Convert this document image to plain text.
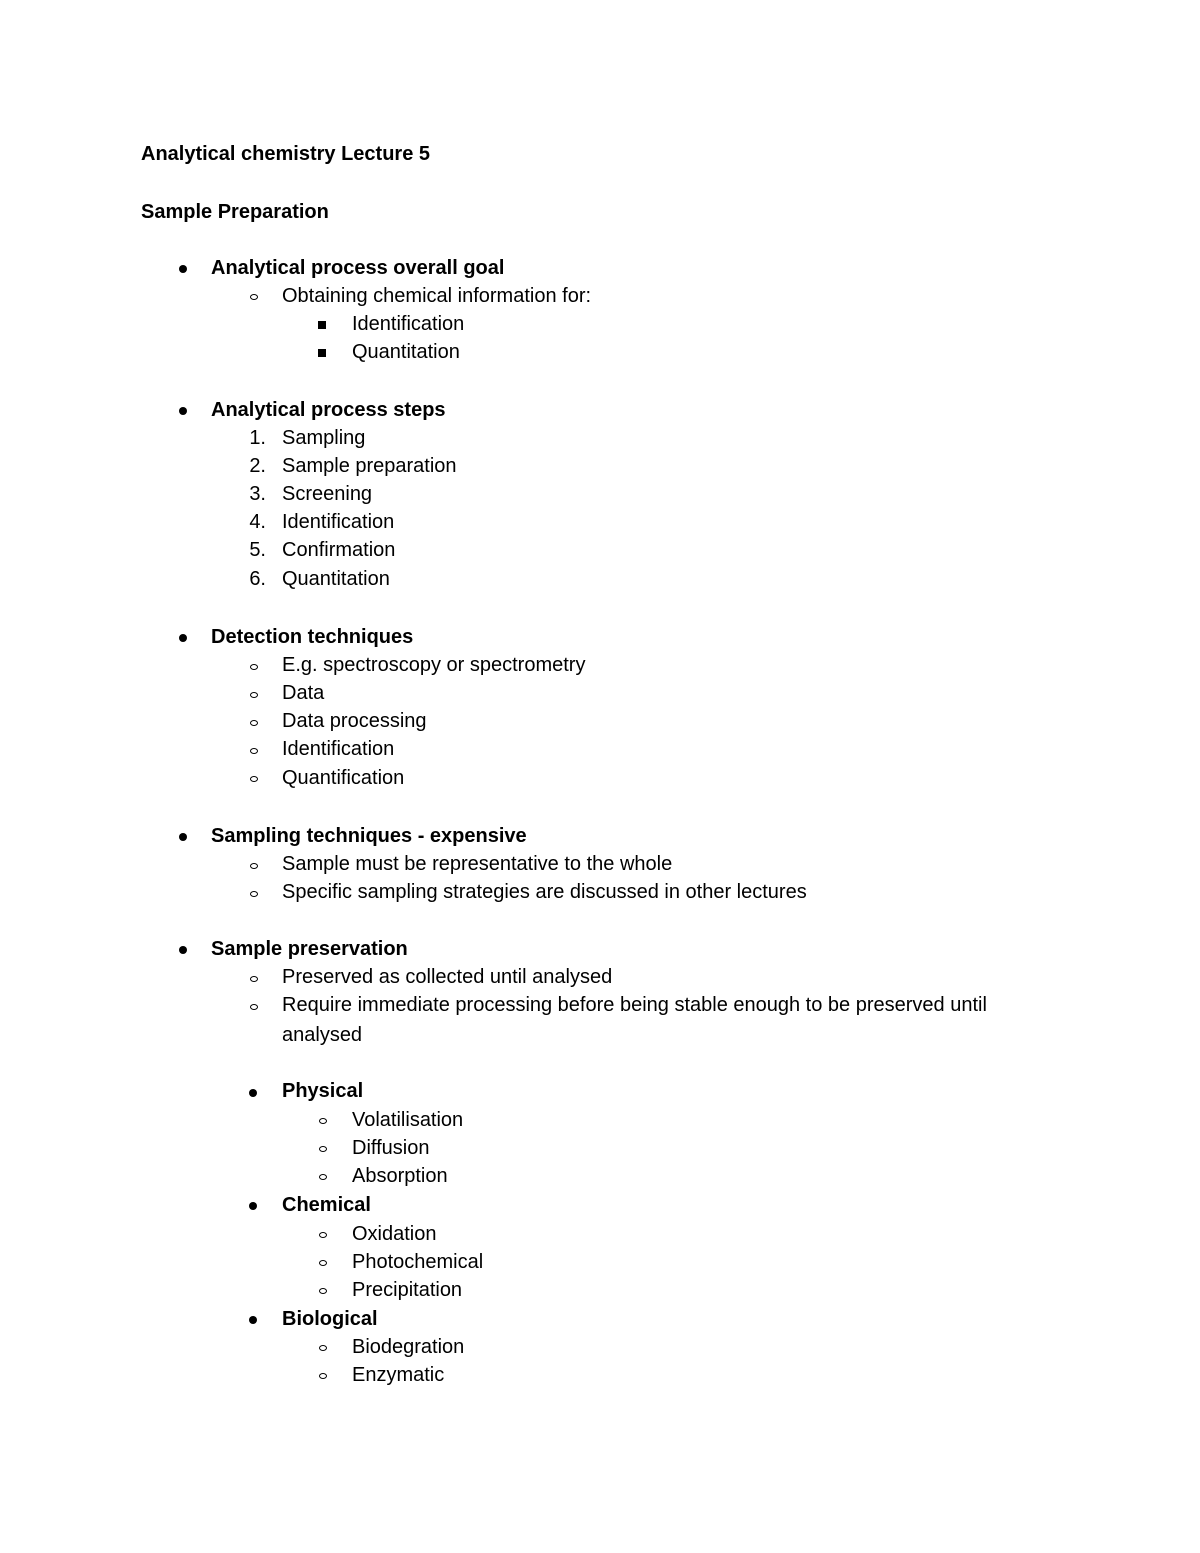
Analytical chemistry Lecture 5
Sample Preparation
Analytical process overall goal
Obtaining chemical information for:
Identification
Quantitation
Analytical process steps
1. Sampling
2. Sample preparation
3. Screening
4. Identification
5. Confirmation
6. Quantitation
Detection techniques
E.g. spectroscopy or spectrometry
Data
Data processing
Identification
Quantification
Sampling techniques - expensive
Sample must be representative to the whole
Specific sampling strategies are discussed in other lectures
Sample preservation
Preserved as collected until analysed
Require immediate processing before being stable enough to be preserved until
analysed
Physical
Volatilisation
Diffusion
Absorption
Chemical
Oxidation
Photochemical
Precipitation
Biological
Biodegration
Enzymatic
